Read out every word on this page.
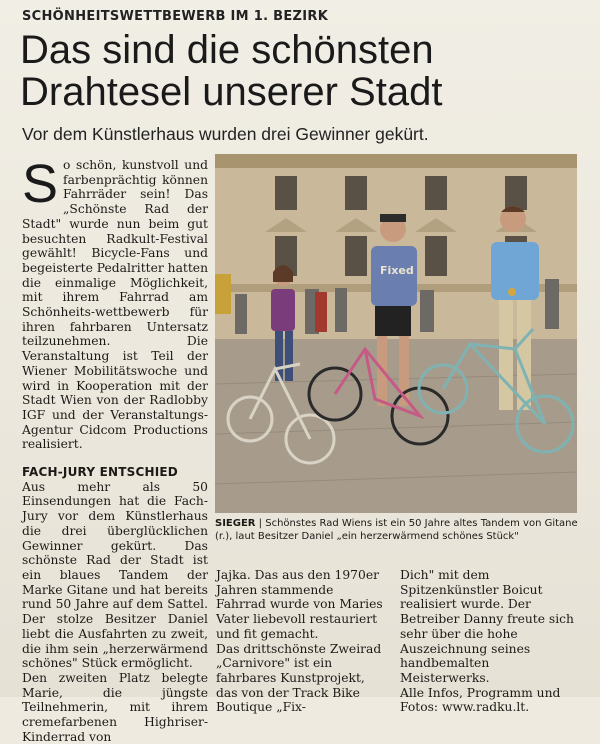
SCHÖNHEITSWETTBEWERB IM 1. BEZIRK
Das sind die schönsten
Drahtesel unserer Stadt
Vor dem Künstlerhaus wurden drei Gewinner gekürt.
S o schön, kunstvoll und farbenprächtig können Fahrräder sein! Das „Schönste Rad der Stadt" wurde nun beim gut besuchten Radkult-Festival gewählt! Bicycle-Fans und begeisterte Pedalritter hatten die einmalige Möglichkeit, mit ihrem Fahrrad am Schönheits-wettbewerb für ihren fahrbaren Untersatz teilzunehmen. Die Veranstaltung ist Teil der Wiener Mobilitätswoche und wird in Kooperation mit der Stadt Wien von der Radlobby IGF und der Veranstaltungs-Agentur Cidcom Productions realisiert.

FACH-JURY ENTSCHIED

Aus mehr als 50 Einsendungen hat die Fach-Jury vor dem Künstlerhaus die drei überglücklichen Gewinner gekürt. Das schönste Rad der Stadt ist ein blaues Tandem der Marke Gitane und hat bereits rund 50 Jahre auf dem Sattel. Der stolze Besitzer Daniel liebt die Ausfahrten zu zweit, die ihm sein „herzerwärmend schönes" Stück ermöglicht.

Den zweiten Platz belegte Marie, die jüngste Teilnehmerin, mit ihrem cremefarbenen Highriser-Kinderrad von

Fixed
SIEGER | Schönstes Rad Wiens ist ein 50 Jahre altes Tandem von Gitane (r.), laut Besitzer Daniel „ein herzerwärmend schönes Stück"

Jajka. Das aus den 1970er Jahren stammende Fahrrad wurde von Maries Vater liebevoll restauriert und fit gemacht.

Das drittschönste Zweirad „Carnivore" ist ein fahrbares Kunstprojekt, das von der Track Bike Boutique „Fix-

Dich" mit dem Spitzenkünstler Boicut realisiert wurde. Der Betreiber Danny freute sich sehr über die hohe Auszeichnung seines handbemalten Meisterwerks.

Alle Infos, Programm und Fotos: www.radku.lt.
